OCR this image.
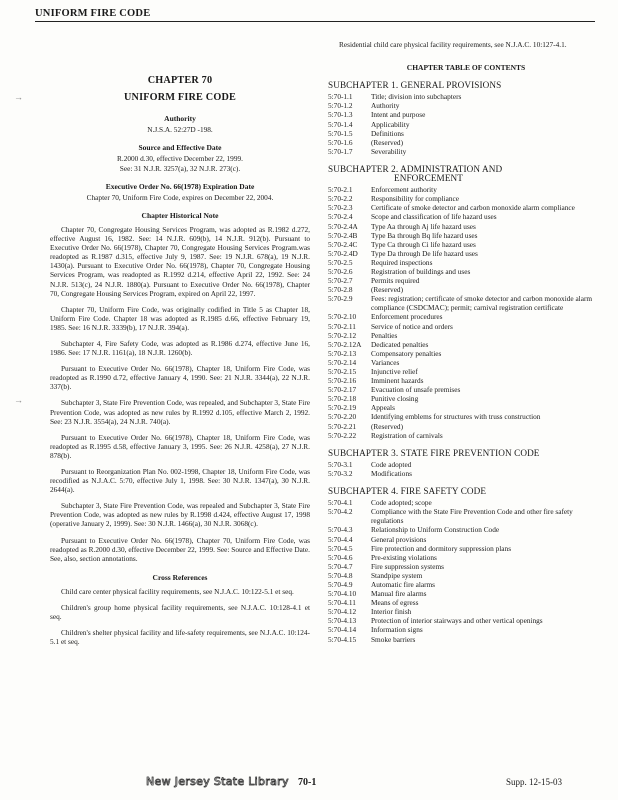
UNIFORM FIRE CODE
→
→
CHAPTER 70
UNIFORM FIRE CODE
Authority
N.J.S.A. 52:27D -198.
Source and Effective Date
R.2000 d.30, effective December 22, 1999.
See: 31 N.J.R. 3257(a), 32 N.J.R. 273(c).
Executive Order No. 66(1978) Expiration Date
Chapter 70, Uniform Fire Code, expires on December 22, 2004.
Chapter Historical Note
Chapter 70, Congregate Housing Services Program, was adopted as R.1982 d.272, effective August 16, 1982. See: 14 N.J.R. 609(b), 14 N.J.R. 912(b). Pursuant to Executive Order No. 66(1978), Chapter 70, Congregate Housing Services Program.was readopted as R.1987 d.315, effective July 9, 1987. See: 19 N.J.R. 678(a), 19 N.J.R. 1430(a). Pursuant to Executive Order No. 66(1978), Chapter 70, Congregate Housing Services Program, was readopted as R.1992 d.214, effective April 22, 1992. See: 24 N.J.R. 513(c), 24 N.J.R. 1880(a). Pursuant to Executive Order No. 66(1978), Chapter 70, Congregate Housing Services Program, expired on April 22, 1997.
Chapter 70, Uniform Fire Code, was originally codified in Title 5 as Chapter 18, Uniform Fire Code. Chapter 18 was adopted as R.1985 d.66, effective February 19, 1985. See: 16 N.J.R. 3339(b), 17 N.J.R. 394(a).
Subchapter 4, Fire Safety Code, was adopted as R.1986 d.274, effective June 16, 1986. See: 17 N.J.R. 1161(a), 18 N.J.R. 1260(b).
Pursuant to Executive Order No. 66(1978), Chapter 18, Uniform Fire Code, was readopted as R.1990 d.72, effective January 4, 1990. See: 21 N.J.R. 3344(a), 22 N.J.R. 337(b).
Subchapter 3, State Fire Prevention Code, was repealed, and Subchapter 3, State Fire Prevention Code, was adopted as new rules by R.1992 d.105, effective March 2, 1992. See: 23 N.J.R. 3554(a), 24 N.J.R. 740(a).
Pursuant to Executive Order No. 66(1978), Chapter 18, Uniform Fire Code, was readopted as R.1995 d.58, effective January 3, 1995. See: 26 N.J.R. 4258(a), 27 N.J.R. 878(b).
Pursuant to Reorganization Plan No. 002-1998, Chapter 18, Uniform Fire Code, was recodified as N.J.A.C. 5:70, effective July 1, 1998. See: 30 N.J.R. 1347(a), 30 N.J.R. 2644(a).
Subchapter 3, State Fire Prevention Code, was repealed and Subchapter 3, State Fire Prevention Code, was adopted as new rules by R.1998 d.424, effective August 17, 1998 (operative January 2, 1999). See: 30 N.J.R. 1466(a), 30 N.J.R. 3068(c).
Pursuant to Executive Order No. 66(1978), Chapter 70, Uniform Fire Code, was readopted as R.2000 d.30, effective December 22, 1999. See: Source and Effective Date. See, also, section annotations.
Cross References
Child care center physical facility requirements, see N.J.A.C. 10:122-5.1 et seq.
Children's group home physical facility requirements, see N.J.A.C. 10:128-4.1 et seq.
Children's shelter physical facility and life-safety requirements, see N.J.A.C. 10:124-5.1 et seq.
Residential child care physical facility requirements, see N.J.A.C. 10:127-4.1.
CHAPTER TABLE OF CONTENTS
SUBCHAPTER 1. GENERAL PROVISIONS
5:70-1.1	Title; division into subchapters
5:70-1.2	Authority
5:70-1.3	Intent and purpose
5:70-1.4	Applicability
5:70-1.5	Definitions
5:70-1.6	(Reserved)
5:70-1.7	Severability
SUBCHAPTER 2. ADMINISTRATION AND
ENFORCEMENT
5:70-2.1	Enforcement authority
5:70-2.2	Responsibility for compliance
5:70-2.3	Certificate of smoke detector and carbon monoxide alarm compliance
5:70-2.4	Scope and classification of life hazard uses
5:70-2.4A	Type Aa through Aj life hazard uses
5:70-2.4B	Type Ba through Bq life hazard uses
5:70-2.4C	Type Ca through Ci life hazard uses
5:70-2.4D	Type Da through De life hazard uses
5:70-2.5	Required inspections
5:70-2.6	Registration of buildings and uses
5:70-2.7	Permits required
5:70-2.8	(Reserved)
5:70-2.9	Fees: registration; certificate of smoke detector and carbon monoxide alarm compliance (CSDCMAC); permit; carnival registration certificate
5:70-2.10	Enforcement procedures
5:70-2.11	Service of notice and orders
5:70-2.12	Penalties
5:70-2.12A	Dedicated penalties
5:70-2.13	Compensatory penalties
5:70-2.14	Variances
5:70-2.15	Injunctive relief
5:70-2.16	Imminent hazards
5:70-2.17	Evacuation of unsafe premises
5:70-2.18	Punitive closing
5:70-2.19	Appeals
5:70-2.20	Identifying emblems for structures with truss construction
5:70-2.21	(Reserved)
5:70-2.22	Registration of carnivals
SUBCHAPTER 3. STATE FIRE PREVENTION CODE
5:70-3.1	Code adopted
5:70-3.2	Modifications
SUBCHAPTER 4. FIRE SAFETY CODE
5:70-4.1	Code adopted; scope
5:70-4.2	Compliance with the State Fire Prevention Code and other fire safety regulations
5:70-4.3	Relationship to Uniform Construction Code
5:70-4.4	General provisions
5:70-4.5	Fire protection and dormitory suppression plans
5:70-4.6	Pre-existing violations
5:70-4.7	Fire suppression systems
5:70-4.8	Standpipe system
5:70-4.9	Automatic fire alarms
5:70-4.10	Manual fire alarms
5:70-4.11	Means of egress
5:70-4.12	Interior finish
5:70-4.13	Protection of interior stairways and other vertical openings
5:70-4.14	Information signs
5:70-4.15	Smoke barriers
New Jersey State Library 70-1	Supp. 12-15-03
